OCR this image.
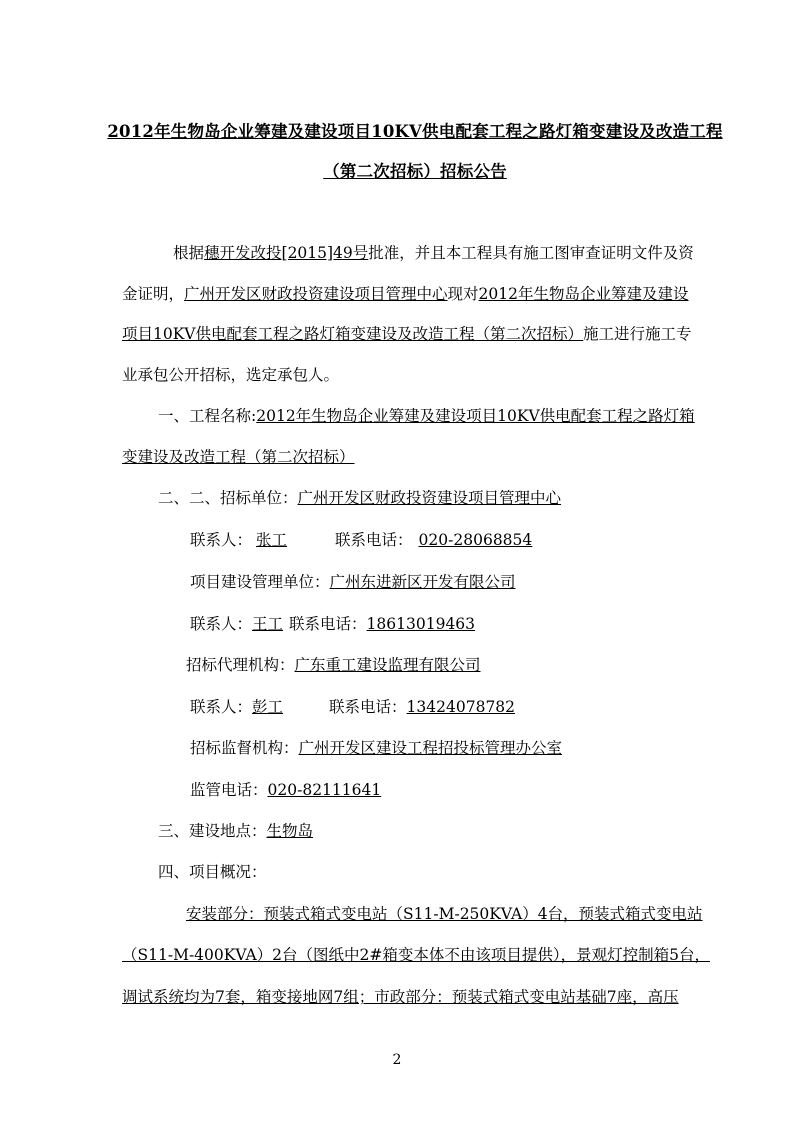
2012年生物岛企业筹建及建设项目10KV供电配套工程之路灯箱变建设及改造工程
（第二次招标）招标公告
根据穗开发改投[2015]49号批准，并且本工程具有施工图审查证明文件及资
金证明，广州开发区财政投资建设项目管理中心现对2012年生物岛企业筹建及建设
项目10KV供电配套工程之路灯箱变建设及改造工程（第二次招标）施工进行施工专
业承包公开招标，选定承包人。
一、工程名称:2012年生物岛企业筹建及建设项目10KV供电配套工程之路灯箱
变建设及改造工程（第二次招标）
二、二、招标单位：广州开发区财政投资建设项目管理中心
联系人： 张工	联系电话： 020-28068854
项目建设管理单位：广州东进新区开发有限公司
联系人：王工 联系电话：18613019463
招标代理机构：广东重工建设监理有限公司
联系人：彭工	联系电话：13424078782
招标监督机构：广州开发区建设工程招投标管理办公室
监管电话：020-82111641
三、建设地点：生物岛
四、项目概况：
安装部分：预装式箱式变电站（S11-M-250KVA）4台，预装式箱式变电站
（S11-M-400KVA）2台（图纸中2#箱变本体不由该项目提供），景观灯控制箱5台，
调试系统均为7套，箱变接地网7组；市政部分：预装式箱式变电站基础7座，高压
2
